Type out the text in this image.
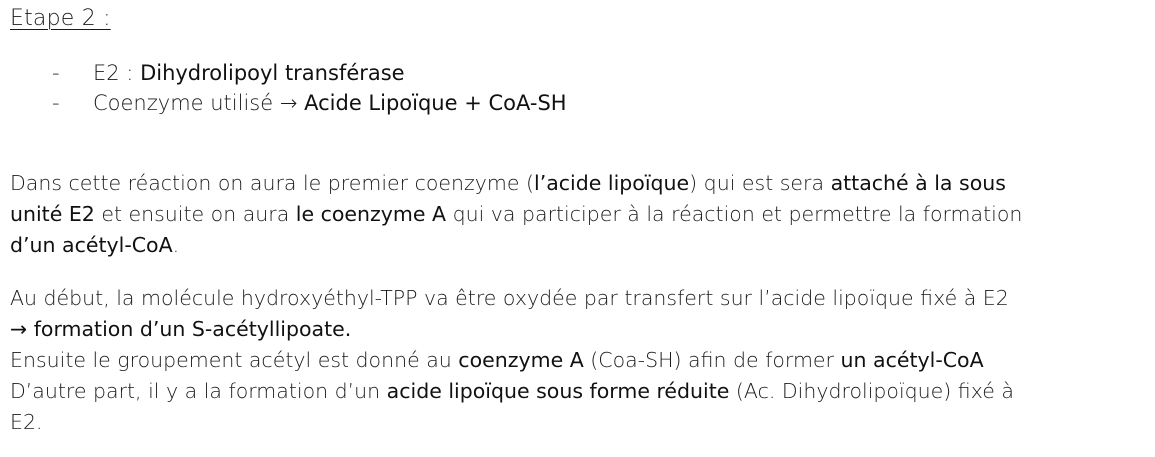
Etape 2 :
- E2 : Dihydrolipoyl transférase
- Coenzyme utilisé → Acide Lipoïque + CoA-SH

Dans cette réaction on aura le premier coenzyme (l’acide lipoïque) qui est sera attaché à la sous
unité E2 et ensuite on aura le coenzyme A qui va participer à la réaction et permettre la formation
d’un acétyl-CoA.

Au début, la molécule hydroxyéthyl-TPP va être oxydée par transfert sur l’acide lipoïque fixé à E2
→ formation d’un S-acétyllipoate.
Ensuite le groupement acétyl est donné au coenzyme A (Coa-SH) afin de former un acétyl-CoA
D’autre part, il y a la formation d’un acide lipoïque sous forme réduite (Ac. Dihydrolipoïque) fixé à
E2.
